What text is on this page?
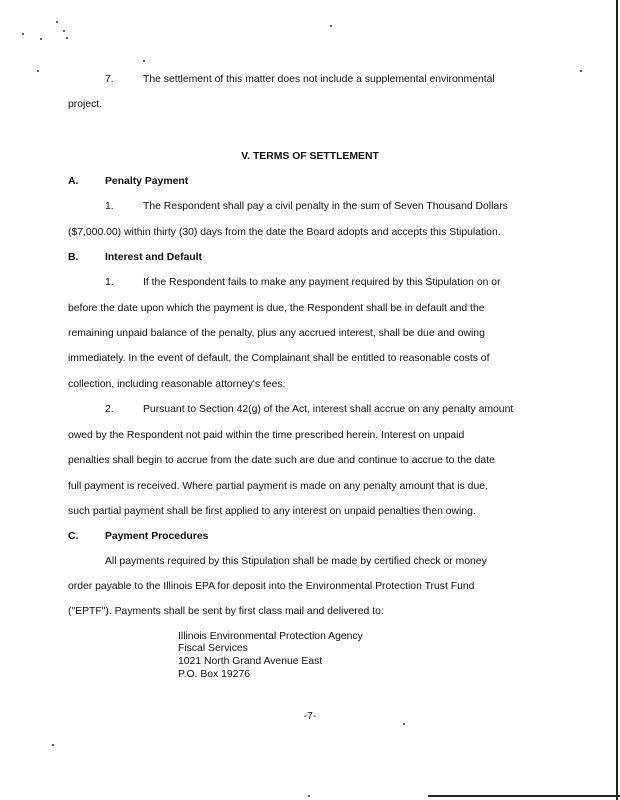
7.	The settlement of this matter does not include a supplemental environmental
project.
V. TERMS OF SETTLEMENT
A.	Penalty Payment
1.	The Respondent shall pay a civil penalty in the sum of Seven Thousand Dollars
($7,000.00) within thirty (30) days from the date the Board adopts and accepts this Stipulation.
B.	Interest and Default
1.	If the Respondent fails to make any payment required by this Stipulation on or
before the date upon which the payment is due, the Respondent shall be in default and the
remaining unpaid balance of the penalty, plus any accrued interest, shall be due and owing
immediately. In the event of default, the Complainant shall be entitled to reasonable costs of
collection, including reasonable attorney's fees.
2.	Pursuant to Section 42(g) of the Act, interest shall accrue on any penalty amount
owed by the Respondent not paid within the time prescribed herein. Interest on unpaid
penalties shall begin to accrue from the date such are due and continue to accrue to the date
full payment is received. Where partial payment is made on any penalty amount that is due,
such partial payment shall be first applied to any interest on unpaid penalties then owing.
C.	Payment Procedures
All payments required by this Stipulation shall be made by certified check or money
order payable to the Illinois EPA for deposit into the Environmental Protection Trust Fund
("EPTF"). Payments shall be sent by first class mail and delivered to:
Illinois Environmental Protection Agency
Fiscal Services
1021 North Grand Avenue East
P.O. Box 19276
-7-
